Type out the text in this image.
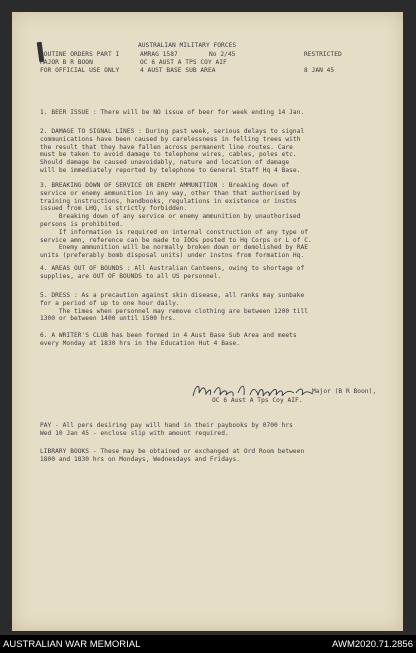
AUSTRALIAN MILITARY FORCES
ROUTINE ORDERS PART I	AMRAG 1587	No 2/45	RESTRICTED
MAJOR B R BOON	OC 6 AUST A TPS COY AIF
FOR OFFICIAL USE ONLY	4 AUST BASE SUB AREA	8 JAN 45
Major (B R Boon),
OC 6 Aust A Tps Coy AIF.
1. BEER ISSUE : There will be NO issue of beer for week ending 14 Jan.
2. DAMAGE TO SIGNAL LINES : During past week, serious delays to signal
communications have been caused by carelessness in felling trees with
the result that they have fallen across permanent line routes. Care
must be taken to avoid damage to telephone wires, cables, poles etc.
Should damage be caused unavoidably, nature and location of damage
will be immediately reported by telephone to General Staff Hq 4 Base.
3. BREAKING DOWN OF SERVICE OR ENEMY AMMUNITION : Breaking down of
service or enemy ammunition in any way, other than that authorised by
training instructions, handbooks, regulations in existence or instns
issued from LHQ, is strictly forbidden.
Breaking down of any service or enemy ammunition by unauthorised
persons is prohibited.
If information is required on internal construction of any type of
service amn, reference can be made to IOOs posted to Hq Corps or L of C.
Enemy ammunition will be normally broken down or demolished by RAE
units (preferably bomb disposal units) under instns from formation Hq.
4. AREAS OUT OF BOUNDS : All Australian Canteens, owing to shortage of
supplies, are OUT OF BOUNDS to all US personnel.
5. DRESS : As a precaution against skin disease, all ranks may sunbake
for a period of up to one hour daily.
The times when personnel may remove clothing are between 1200 till
1300 or between 1400 until 1500 hrs.
6. A WRITER'S CLUB has been formed in 4 Aust Base Sub Area and meets
every Monday at 1830 hrs in the Education Hut 4 Base.
PAY - All pers desiring pay will hand in their paybooks by 0700 hrs
Wed 10 Jan 45 - enclose slip with amount required.
LIBRARY BOOKS - These may be obtained or exchanged at Ord Room between
1800 and 1830 hrs on Mondays, Wednesdays and Fridays.
AUSTRALIAN WAR MEMORIAL	AWM2020.71.2856
